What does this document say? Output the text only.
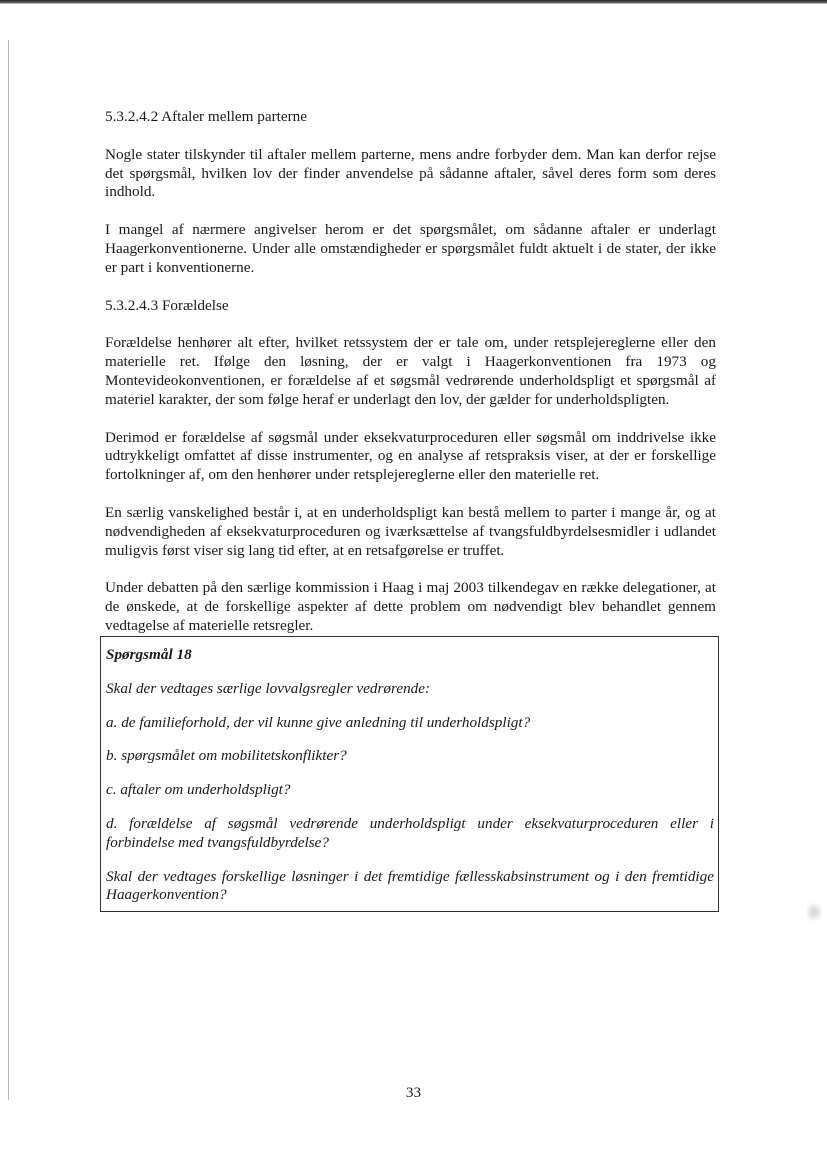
5.3.2.4.2 Aftaler mellem parterne

Nogle stater tilskynder til aftaler mellem parterne, mens andre forbyder dem. Man kan derfor rejse det spørgsmål, hvilken lov der finder anvendelse på sådanne aftaler, såvel deres form som deres indhold.

I mangel af nærmere angivelser herom er det spørgsmålet, om sådanne aftaler er underlagt Haagerkonventionerne. Under alle omstændigheder er spørgsmålet fuldt aktuelt i de stater, der ikke er part i konventionerne.

5.3.2.4.3 Forældelse

Forældelse henhører alt efter, hvilket retssystem der er tale om, under retsplejereglerne eller den materielle ret. Ifølge den løsning, der er valgt i Haagerkonventionen fra 1973 og Montevideokonventionen, er forældelse af et søgsmål vedrørende underholdspligt et spørgsmål af materiel karakter, der som følge heraf er underlagt den lov, der gælder for underholdspligten.

Derimod er forældelse af søgsmål under eksekvaturproceduren eller søgsmål om inddrivelse ikke udtrykkeligt omfattet af disse instrumenter, og en analyse af retspraksis viser, at der er forskellige fortolkninger af, om den henhører under retsplejereglerne eller den materielle ret.

En særlig vanskelighed består i, at en underholdspligt kan bestå mellem to parter i mange år, og at nødvendigheden af eksekvaturproceduren og iværksættelse af tvangsfuldbyrdelsesmidler i udlandet muligvis først viser sig lang tid efter, at en retsafgørelse er truffet.

Under debatten på den særlige kommission i Haag i maj 2003 tilkendegav en række delegationer, at de ønskede, at de forskellige aspekter af dette problem om nødvendigt blev behandlet gennem vedtagelse af materielle retsregler.

Spørgsmål 18

Skal der vedtages særlige lovvalgsregler vedrørende:

a. de familieforhold, der vil kunne give anledning til underholdspligt?

b. spørgsmålet om mobilitetskonflikter?

c. aftaler om underholdspligt?

d. forældelse af søgsmål vedrørende underholdspligt under eksekvaturproceduren eller i forbindelse med tvangsfuldbyrdelse?

Skal der vedtages forskellige løsninger i det fremtidige fællesskabsinstrument og i den fremtidige Haagerkonvention?

33
